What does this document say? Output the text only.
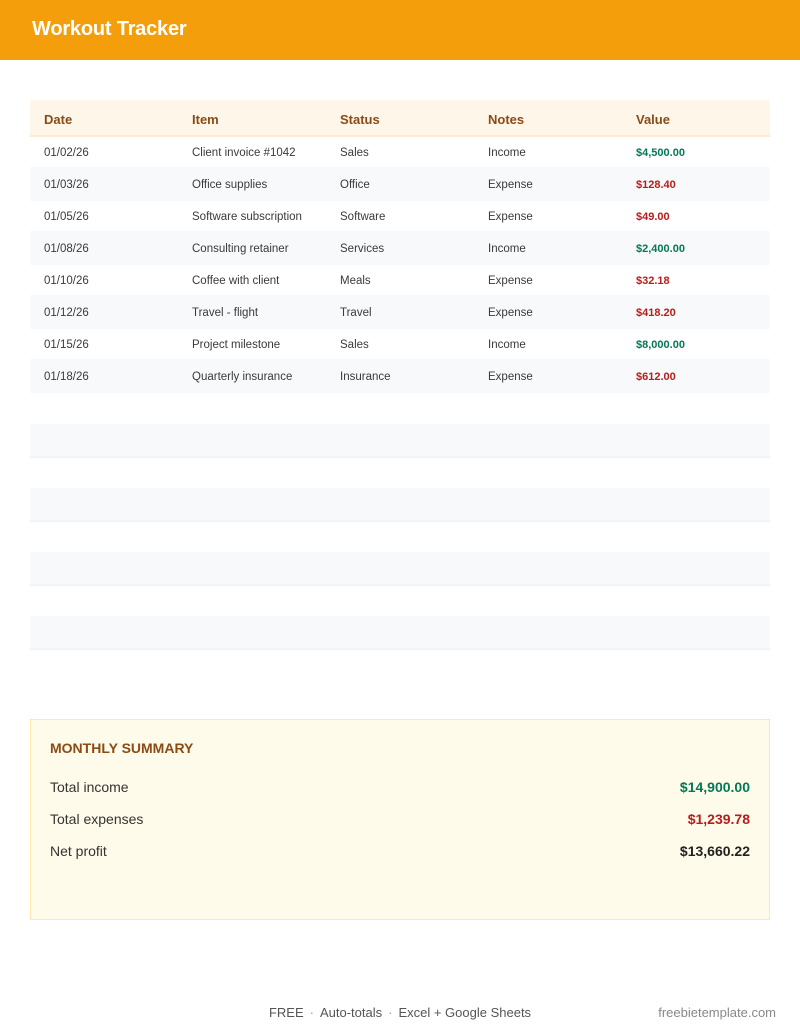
Workout Tracker
Date	Item	Status	Notes	Value
01/02/26	Client invoice #1042	Sales	Income	$4,500.00
01/03/26	Office supplies	Office	Expense	$128.40
01/05/26	Software subscription	Software	Expense	$49.00
01/08/26	Consulting retainer	Services	Income	$2,400.00
01/10/26	Coffee with client	Meals	Expense	$32.18
01/12/26	Travel - flight	Travel	Expense	$418.20
01/15/26	Project milestone	Sales	Income	$8,000.00
01/18/26	Quarterly insurance	Insurance	Expense	$612.00
MONTHLY SUMMARY
Total income	$14,900.00
Total expenses	$1,239.78
Net profit	$13,660.22
FREE · Auto-totals · Excel + Google Sheets	freebietemplate.com
